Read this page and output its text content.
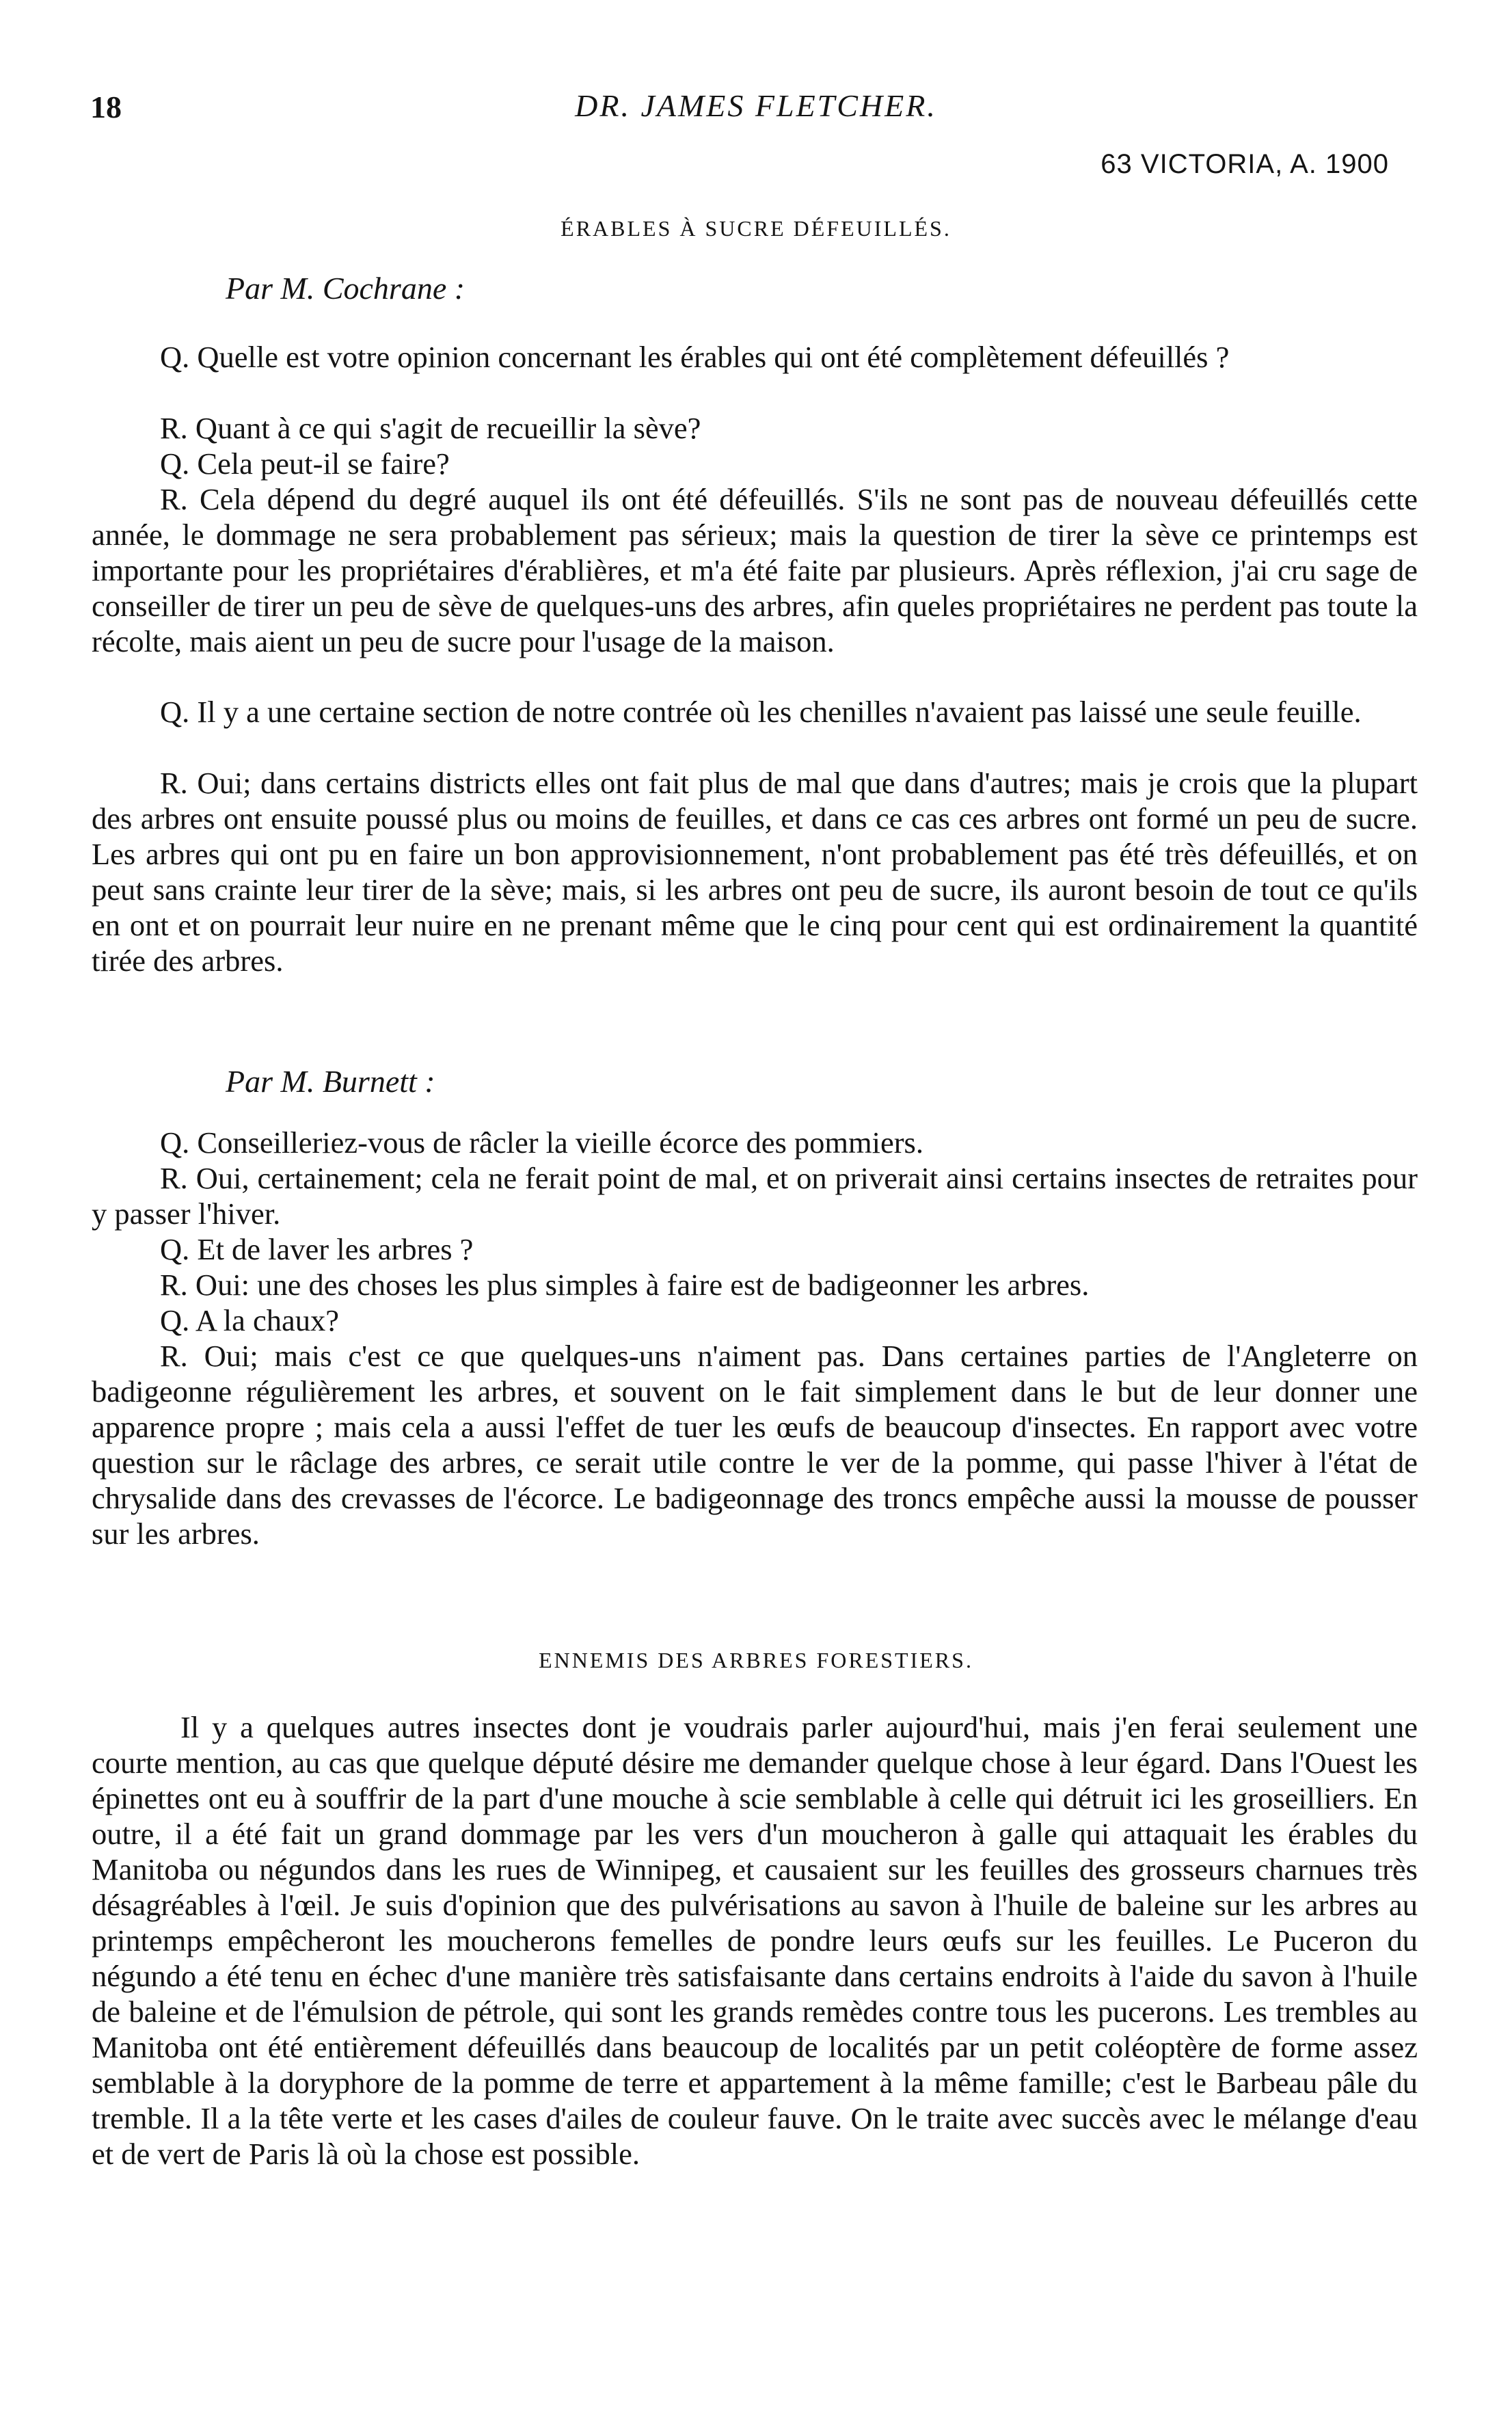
18	DR. JAMES FLETCHER.
63 VICTORIA, A. 1900
ÉRABLES À SUCRE DÉFEUILLÉS.
Par M. Cochrane :

Q. Quelle est votre opinion concernant les érables qui ont été complètement défeuillés ?

R. Quant à ce qui s'agit de recueillir la sève?

Q. Cela peut-il se faire?

R. Cela dépend du degré auquel ils ont été défeuillés. S'ils ne sont pas de nouveau défeuillés cette année, le dommage ne sera probablement pas sérieux; mais la question de tirer la sève ce printemps est importante pour les propriétaires d'érablières, et m'a été faite par plusieurs. Après réflexion, j'ai cru sage de conseiller de tirer un peu de sève de quelques-uns des arbres, afin queles propriétaires ne perdent pas toute la récolte, mais aient un peu de sucre pour l'usage de la maison.

Q. Il y a une certaine section de notre contrée où les chenilles n'avaient pas laissé une seule feuille.

R. Oui; dans certains districts elles ont fait plus de mal que dans d'autres; mais je crois que la plupart des arbres ont ensuite poussé plus ou moins de feuilles, et dans ce cas ces arbres ont formé un peu de sucre. Les arbres qui ont pu en faire un bon approvisionnement, n'ont probablement pas été très défeuillés, et on peut sans crainte leur tirer de la sève; mais, si les arbres ont peu de sucre, ils auront besoin de tout ce qu'ils en ont et on pourrait leur nuire en ne prenant même que le cinq pour cent qui est ordinairement la quantité tirée des arbres.

Par M. Burnett :

Q. Conseilleriez-vous de râcler la vieille écorce des pommiers.

R. Oui, certainement; cela ne ferait point de mal, et on priverait ainsi certains insectes de retraites pour y passer l'hiver.

Q. Et de laver les arbres ?

R. Oui: une des choses les plus simples à faire est de badigeonner les arbres.

Q. A la chaux?

R. Oui; mais c'est ce que quelques-uns n'aiment pas. Dans certaines parties de l'Angleterre on badigeonne régulièrement les arbres, et souvent on le fait simplement dans le but de leur donner une apparence propre ; mais cela a aussi l'effet de tuer les œufs de beaucoup d'insectes. En rapport avec votre question sur le râclage des arbres, ce serait utile contre le ver de la pomme, qui passe l'hiver à l'état de chrysalide dans des crevasses de l'écorce. Le badigeonnage des troncs empêche aussi la mousse de pousser sur les arbres.

ENNEMIS DES ARBRES FORESTIERS.

Il y a quelques autres insectes dont je voudrais parler aujourd'hui, mais j'en ferai seulement une courte mention, au cas que quelque député désire me demander quelque chose à leur égard. Dans l'Ouest les épinettes ont eu à souffrir de la part d'une mouche à scie semblable à celle qui détruit ici les groseilliers. En outre, il a été fait un grand dommage par les vers d'un moucheron à galle qui attaquait les érables du Manitoba ou négundos dans les rues de Winnipeg, et causaient sur les feuilles des grosseurs charnues très désagréables à l'œil. Je suis d'opinion que des pulvérisations au savon à l'huile de baleine sur les arbres au printemps empêcheront les moucherons femelles de pondre leurs œufs sur les feuilles. Le Puceron du négundo a été tenu en échec d'une manière très satisfaisante dans certains endroits à l'aide du savon à l'huile de baleine et de l'émulsion de pétrole, qui sont les grands remèdes contre tous les pucerons. Les trembles au Manitoba ont été entièrement défeuillés dans beaucoup de localités par un petit coléoptère de forme assez semblable à la doryphore de la pomme de terre et appartement à la même famille; c'est le Barbeau pâle du tremble. Il a la tête verte et les cases d'ailes de couleur fauve. On le traite avec succès avec le mélange d'eau et de vert de Paris là où la chose est possible.
